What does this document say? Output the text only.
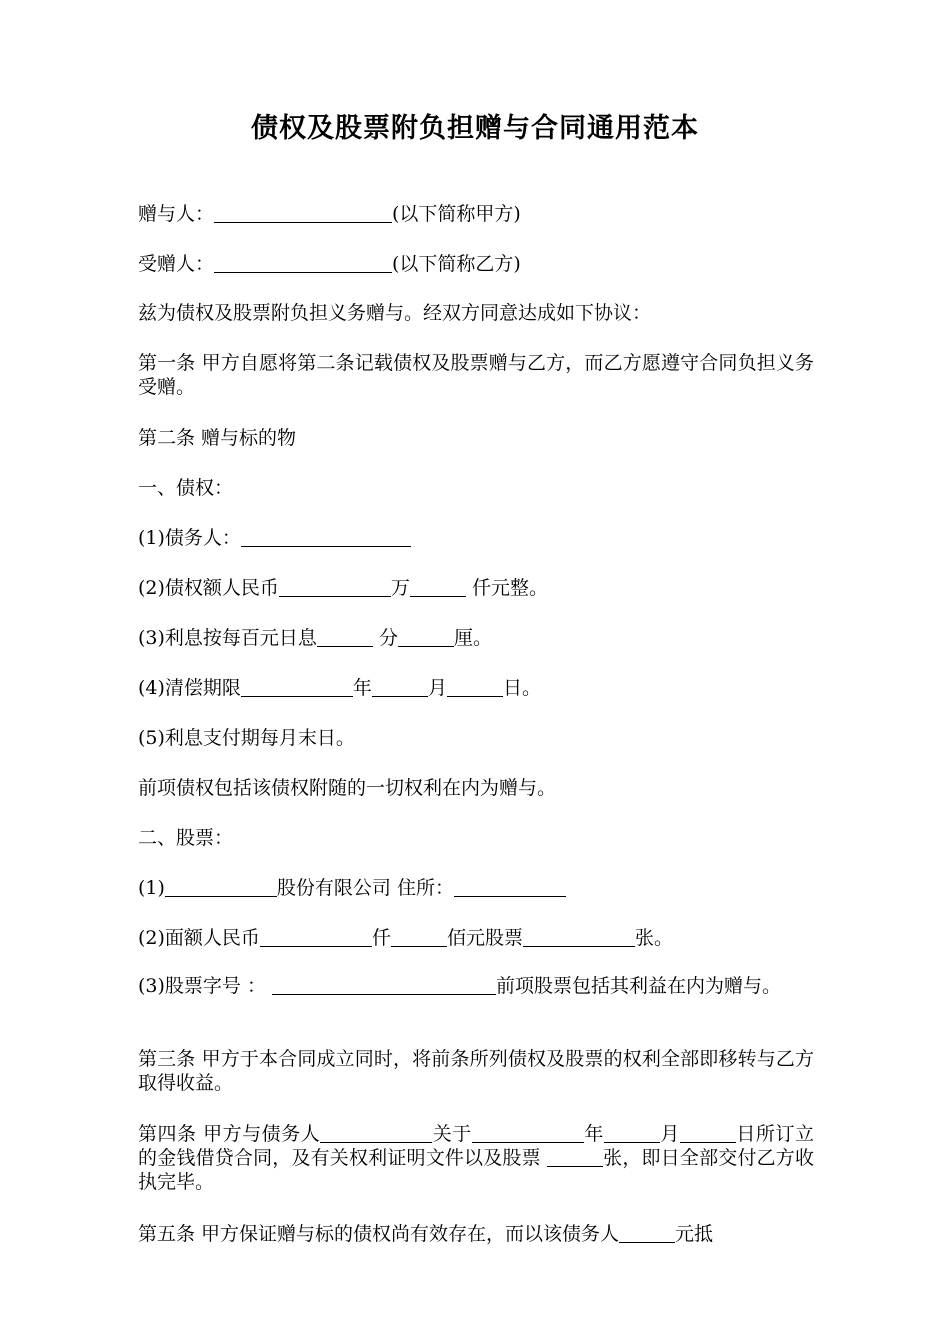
债权及股票附负担赠与合同通用范本
赠与人：	(以下简称甲方)
受赠人：	(以下简称乙方)
兹为债权及股票附负担义务赠与。经双方同意达成如下协议：
第一条 甲方自愿将第二条记载债权及股票赠与乙方，而乙方愿遵守合同负担义务受赠。
第二条 赠与标的物
一、债权：
(1)债务人：
(2)债权额人民币	万	仟元整。
(3)利息按每百元日息	分	厘。
(4)清偿期限	年	月	日。
(5)利息支付期每月末日。
前项债权包括该债权附随的一切权利在内为赠与。
二、股票：
(1)	股份有限公司 住所：
(2)面额人民币	仟	佰元股票	张。
(3)股票字号 ：	前项股票包括其利益在内为赠与。
第三条 甲方于本合同成立同时，将前条所列债权及股票的权利全部即移转与乙方取得收益。
第四条 甲方与债务人	关于	年	月	日所订立的金钱借贷合同，及有关权利证明文件以及股票	张，即日全部交付乙方收执完毕。
第五条 甲方保证赠与标的债权尚有效存在，而以该债务人	元抵
